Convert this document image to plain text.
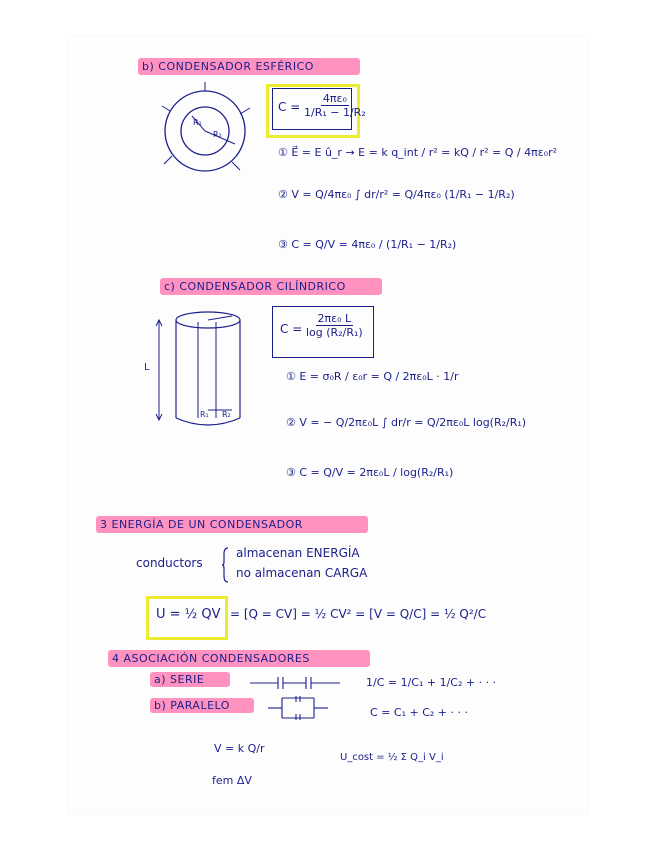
b) CONDENSADOR ESFÉRICO
R₁
R₂
$C = \frac{\text{4πε₀}}{\text{1/R₁ − 1/R₂}}$
① E⃗ = E û_r → E = k q_int / r² = kQ / r² = Q / 4πε₀r²
② V = Q/4πε₀ ∫ dr/r² = Q/4πε₀ (1/R₁ − 1/R₂)
③ C = Q/V = 4πε₀ / (1/R₁ − 1/R₂)
c) CONDENSADOR CILÍNDRICO
L
R₁ R₂
$C = \frac{\text{2πε₀ L}}{\text{log (R₂/R₁)}}$
① E = σ₀R / ε₀r = Q / 2πε₀L · 1/r
② V = − Q/2πε₀L ∫ dr/r = Q/2πε₀L log(R₂/R₁)
③ C = Q/V = 2πε₀L / log(R₂/R₁)
3 ENERGÍA DE UN CONDENSADOR
conductors
almacenan ENERGÍA
no almacenan CARGA
U = ½ QV = [Q = CV] = ½ CV² = [V = Q/C] = ½ Q²/C
4 ASOCIACIÓN CONDENSADORES
a) SERIE	1/C = 1/C₁ + 1/C₂ + · · ·
b) PARALELO
C = C₁ + C₂ + · · ·
V = k Q/r
fem ΔV
U_cost = ½ Σ Q_i V_i
